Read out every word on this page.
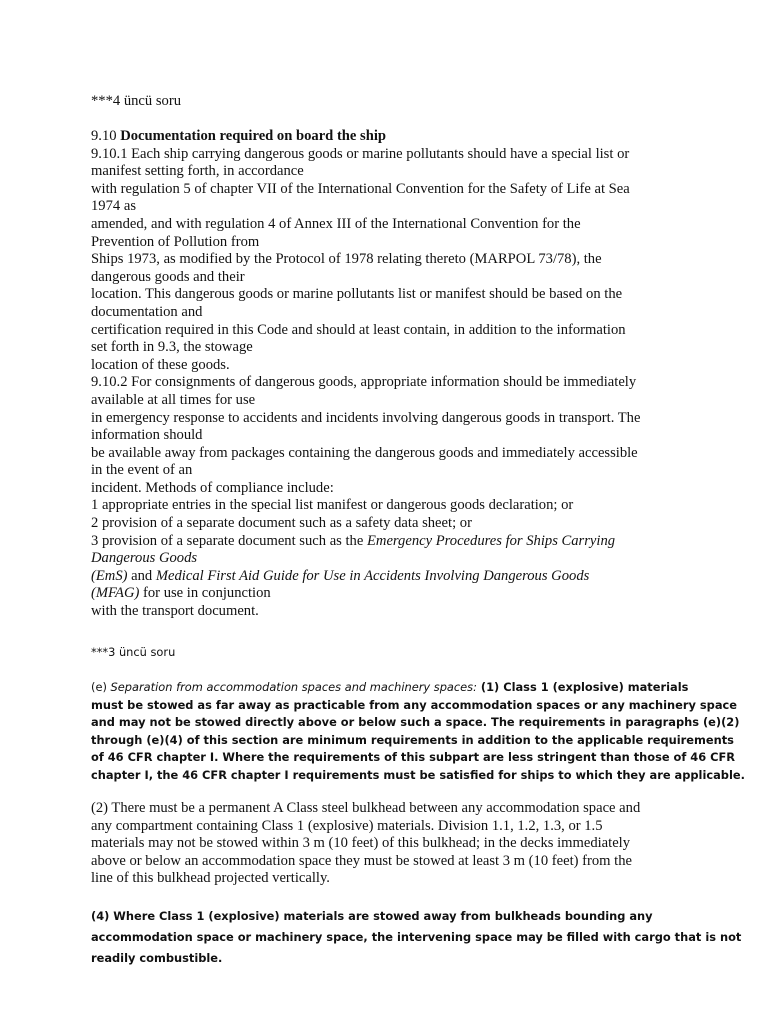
***4 üncü soru
9.10 Documentation required on board the ship
9.10.1 Each ship carrying dangerous goods or marine pollutants should have a special list or
manifest setting forth, in accordance
with regulation 5 of chapter VII of the International Convention for the Safety of Life at Sea
1974 as
amended, and with regulation 4 of Annex III of the International Convention for the
Prevention of Pollution from
Ships 1973, as modified by the Protocol of 1978 relating thereto (MARPOL 73/78), the
dangerous goods and their
location. This dangerous goods or marine pollutants list or manifest should be based on the
documentation and
certification required in this Code and should at least contain, in addition to the information
set forth in 9.3, the stowage
location of these goods.
9.10.2 For consignments of dangerous goods, appropriate information should be immediately
available at all times for use
in emergency response to accidents and incidents involving dangerous goods in transport. The
information should
be available away from packages containing the dangerous goods and immediately accessible
in the event of an
incident. Methods of compliance include:
1 appropriate entries in the special list manifest or dangerous goods declaration; or
2 provision of a separate document such as a safety data sheet; or
3 provision of a separate document such as the Emergency Procedures for Ships Carrying
Dangerous Goods
(EmS) and Medical First Aid Guide for Use in Accidents Involving Dangerous Goods
(MFAG) for use in conjunction
with the transport document.
***3 üncü soru
(e) Separation from accommodation spaces and machinery spaces: (1) Class 1 (explosive) materials
must be stowed as far away as practicable from any accommodation spaces or any machinery space
and may not be stowed directly above or below such a space. The requirements in paragraphs (e)(2)
through (e)(4) of this section are minimum requirements in addition to the applicable requirements
of 46 CFR chapter I. Where the requirements of this subpart are less stringent than those of 46 CFR
chapter I, the 46 CFR chapter I requirements must be satisfied for ships to which they are applicable.
(2) There must be a permanent A Class steel bulkhead between any accommodation space and
any compartment containing Class 1 (explosive) materials. Division 1.1, 1.2, 1.3, or 1.5
materials may not be stowed within 3 m (10 feet) of this bulkhead; in the decks immediately
above or below an accommodation space they must be stowed at least 3 m (10 feet) from the
line of this bulkhead projected vertically.
(4) Where Class 1 (explosive) materials are stowed away from bulkheads bounding any
accommodation space or machinery space, the intervening space may be filled with cargo that is not
readily combustible.
